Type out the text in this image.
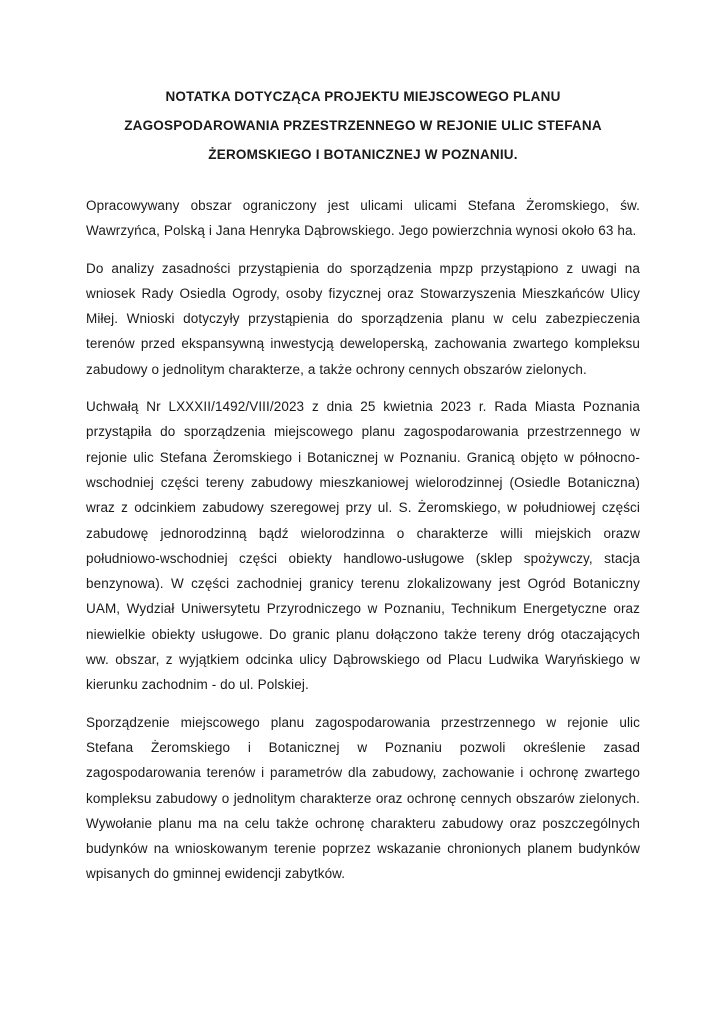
NOTATKA DOTYCZĄCA PROJEKTU MIEJSCOWEGO PLANU
ZAGOSPODAROWANIA PRZESTRZENNEGO W REJONIE ULIC STEFANA
ŻEROMSKIEGO I BOTANICZNEJ W POZNANIU.

Opracowywany obszar ograniczony jest ulicami ulicami Stefana Żeromskiego, św. Wawrzyńca, Polską i Jana Henryka Dąbrowskiego. Jego powierzchnia wynosi około 63 ha.

Do analizy zasadności przystąpienia do sporządzenia mpzp przystąpiono z uwagi na wniosek Rady Osiedla Ogrody, osoby fizycznej oraz Stowarzyszenia Mieszkańców Ulicy Miłej. Wnioski dotyczyły przystąpienia do sporządzenia planu w celu zabezpieczenia terenów przed ekspansywną inwestycją deweloperską, zachowania zwartego kompleksu zabudowy o jednolitym charakterze, a także ochrony cennych obszarów zielonych.

Uchwałą Nr LXXXII/1492/VIII/2023 z dnia 25 kwietnia 2023 r. Rada Miasta Poznania przystąpiła do sporządzenia miejscowego planu zagospodarowania przestrzennego w rejonie ulic Stefana Żeromskiego i Botanicznej w Poznaniu. Granicą objęto w północno-wschodniej części tereny zabudowy mieszkaniowej wielorodzinnej (Osiedle Botaniczna) wraz z odcinkiem zabudowy szeregowej przy ul. S. Żeromskiego, w południowej części zabudowę jednorodzinną bądź wielorodzinna o charakterze willi miejskich orazw południowo-wschodniej części obiekty handlowo-usługowe (sklep spożywczy, stacja benzynowa). W części zachodniej granicy terenu zlokalizowany jest Ogród Botaniczny UAM, Wydział Uniwersytetu Przyrodniczego w Poznaniu, Technikum Energetyczne oraz niewielkie obiekty usługowe. Do granic planu dołączono także tereny dróg otaczających ww. obszar, z wyjątkiem odcinka ulicy Dąbrowskiego od Placu Ludwika Waryńskiego w kierunku zachodnim - do ul. Polskiej.

Sporządzenie miejscowego planu zagospodarowania przestrzennego w rejonie ulic Stefana Żeromskiego i Botanicznej w Poznaniu pozwoli określenie zasad zagospodarowania terenów i parametrów dla zabudowy, zachowanie i ochronę zwartego kompleksu zabudowy o jednolitym charakterze oraz ochronę cennych obszarów zielonych. Wywołanie planu ma na celu także ochronę charakteru zabudowy oraz poszczególnych budynków na wnioskowanym terenie poprzez wskazanie chronionych planem budynków wpisanych do gminnej ewidencji zabytków.
